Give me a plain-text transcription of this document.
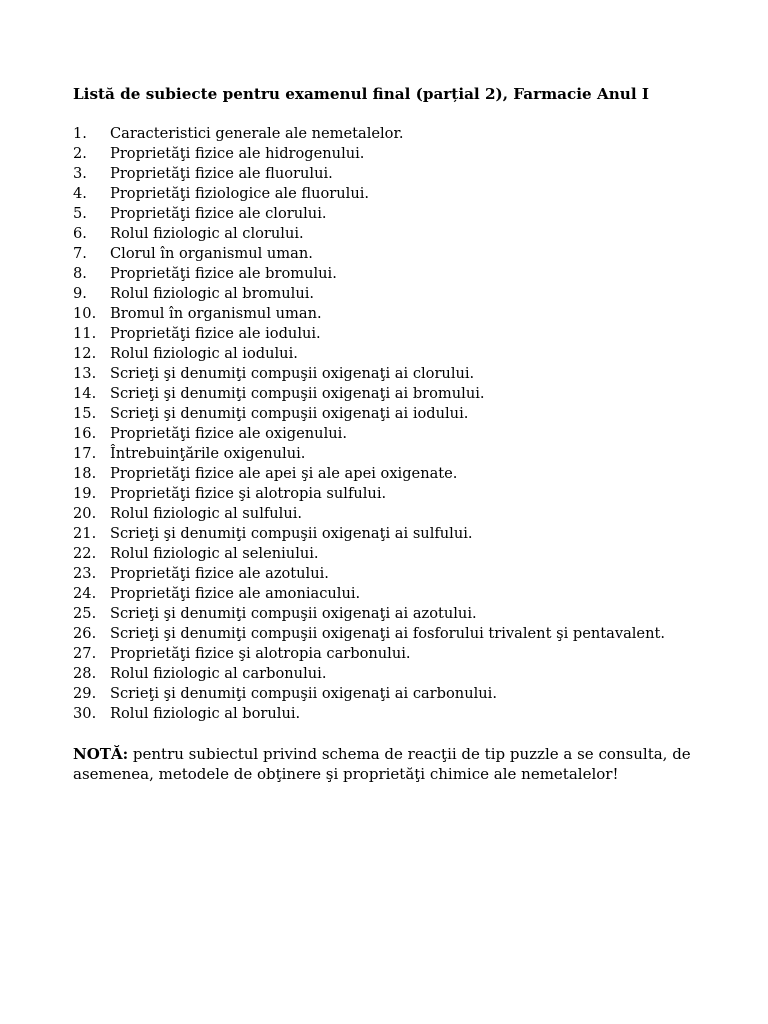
Listă de subiecte pentru examenul final (parțial 2), Farmacie Anul I
1.	Caracteristici generale ale nemetalelor.
2.	Proprietăţi fizice ale hidrogenului.
3.	Proprietăţi fizice ale fluorului.
4.	Proprietăţi fiziologice ale fluorului.
5.	Proprietăţi fizice ale clorului.
6.	Rolul fiziologic al clorului.
7.	Clorul în organismul uman.
8.	Proprietăţi fizice ale bromului.
9.	Rolul fiziologic al bromului.
10. Bromul în organismul uman.
11. Proprietăţi fizice ale iodului.
12. Rolul fiziologic al iodului.
13. Scrieţi şi denumiţi compuşii oxigenaţi ai clorului.
14. Scrieţi şi denumiţi compuşii oxigenaţi ai bromului.
15. Scrieţi şi denumiţi compuşii oxigenaţi ai iodului.
16. Proprietăţi fizice ale oxigenului.
17. Întrebuinţările oxigenului.
18. Proprietăţi fizice ale apei şi ale apei oxigenate.
19. Proprietăţi fizice şi alotropia sulfului.
20. Rolul fiziologic al sulfului.
21. Scrieţi şi denumiţi compuşii oxigenaţi ai sulfului.
22. Rolul fiziologic al seleniului.
23. Proprietăţi fizice ale azotului.
24. Proprietăţi fizice ale amoniacului.
25. Scrieţi şi denumiţi compuşii oxigenaţi ai azotului.
26. Scrieţi şi denumiţi compuşii oxigenaţi ai fosforului trivalent şi pentavalent.
27. Proprietăţi fizice şi alotropia carbonului.
28. Rolul fiziologic al carbonului.
29. Scrieţi şi denumiţi compuşii oxigenaţi ai carbonului.
30. Rolul fiziologic al borului.

NOTĂ: pentru subiectul privind schema de reacţii de tip puzzle a se consulta, de asemenea, metodele de obţinere şi proprietăţi chimice ale nemetalelor!
